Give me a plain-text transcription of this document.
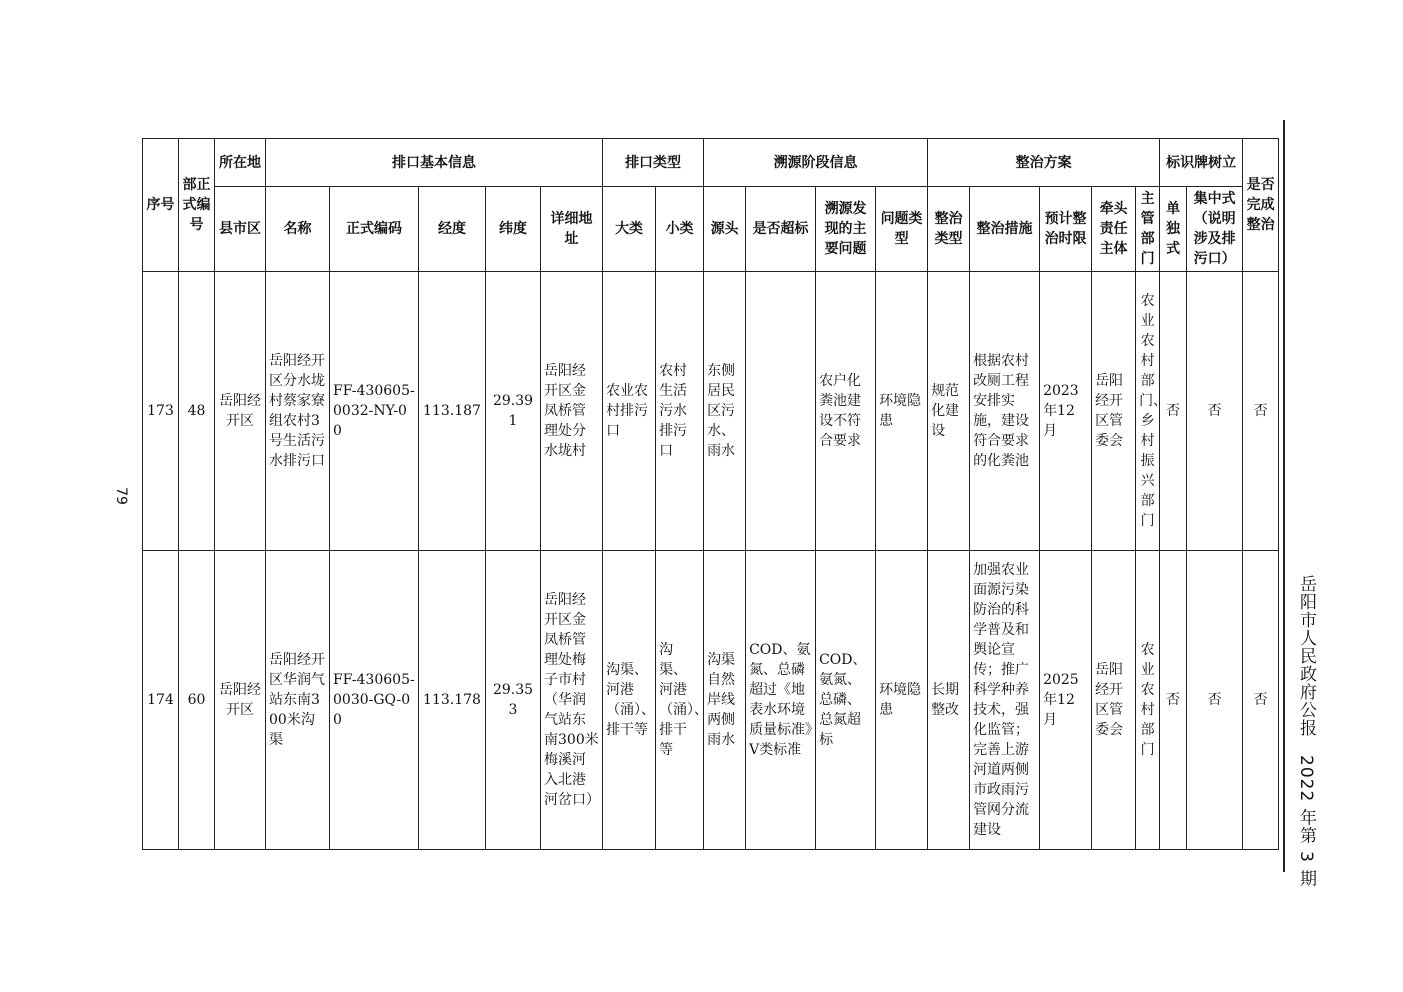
79
岳阳市人民政府公报2022 年第 3 期
序号	部正式编号	所在地	排口基本信息					排口类型		溯源阶段信息				整治方案					标识牌树立		是否完成整治
		县市区	名称	正式编码	经度	纬度	详细地址	大类	小类	源头	是否超标	溯源发现的主要问题	问题类型	整治类型	整治措施	预计整治时限	牵头责任主体	主管部门	单独式	集中式（说明涉及排污口）	
173	48	岳阳经开区	岳阳经开区分水垅村蔡家寮组农村3号生活污水排污口	FF-430605-0032-NY-00	113.187	29.391	岳阳经开区金凤桥管理处分水垅村	农业农村排污口	农村生活污水排污口	东侧居民区污水、雨水		农户化粪池建设不符合要求	环境隐患	规范化建设	根据农村改厕工程安排实施，建设符合要求的化粪池	2023年12月	岳阳经开区管委会	农业农村部门、乡村振兴部门	否	否	否
174	60	岳阳经开区	岳阳经开区华润气站东南300米沟渠	FF-430605-0030-GQ-00	113.178	29.353	岳阳经开区金凤桥管理处梅子市村（华润气站东南300米梅溪河入北港河岔口）	沟渠、河港（涌）、排干等	沟渠、河港（涌）、排干等	沟渠自然岸线两侧雨水	COD、氨氮、总磷超过《地表水环境质量标准》V类标准	COD、氨氮、总磷、总氮超标	环境隐患	长期整改	加强农业面源污染防治的科学普及和舆论宣传；推广科学种养技术，强化监管；完善上游河道两侧市政雨污管网分流建设	2025年12月	岳阳经开区管委会	农业农村部门	否	否	否
